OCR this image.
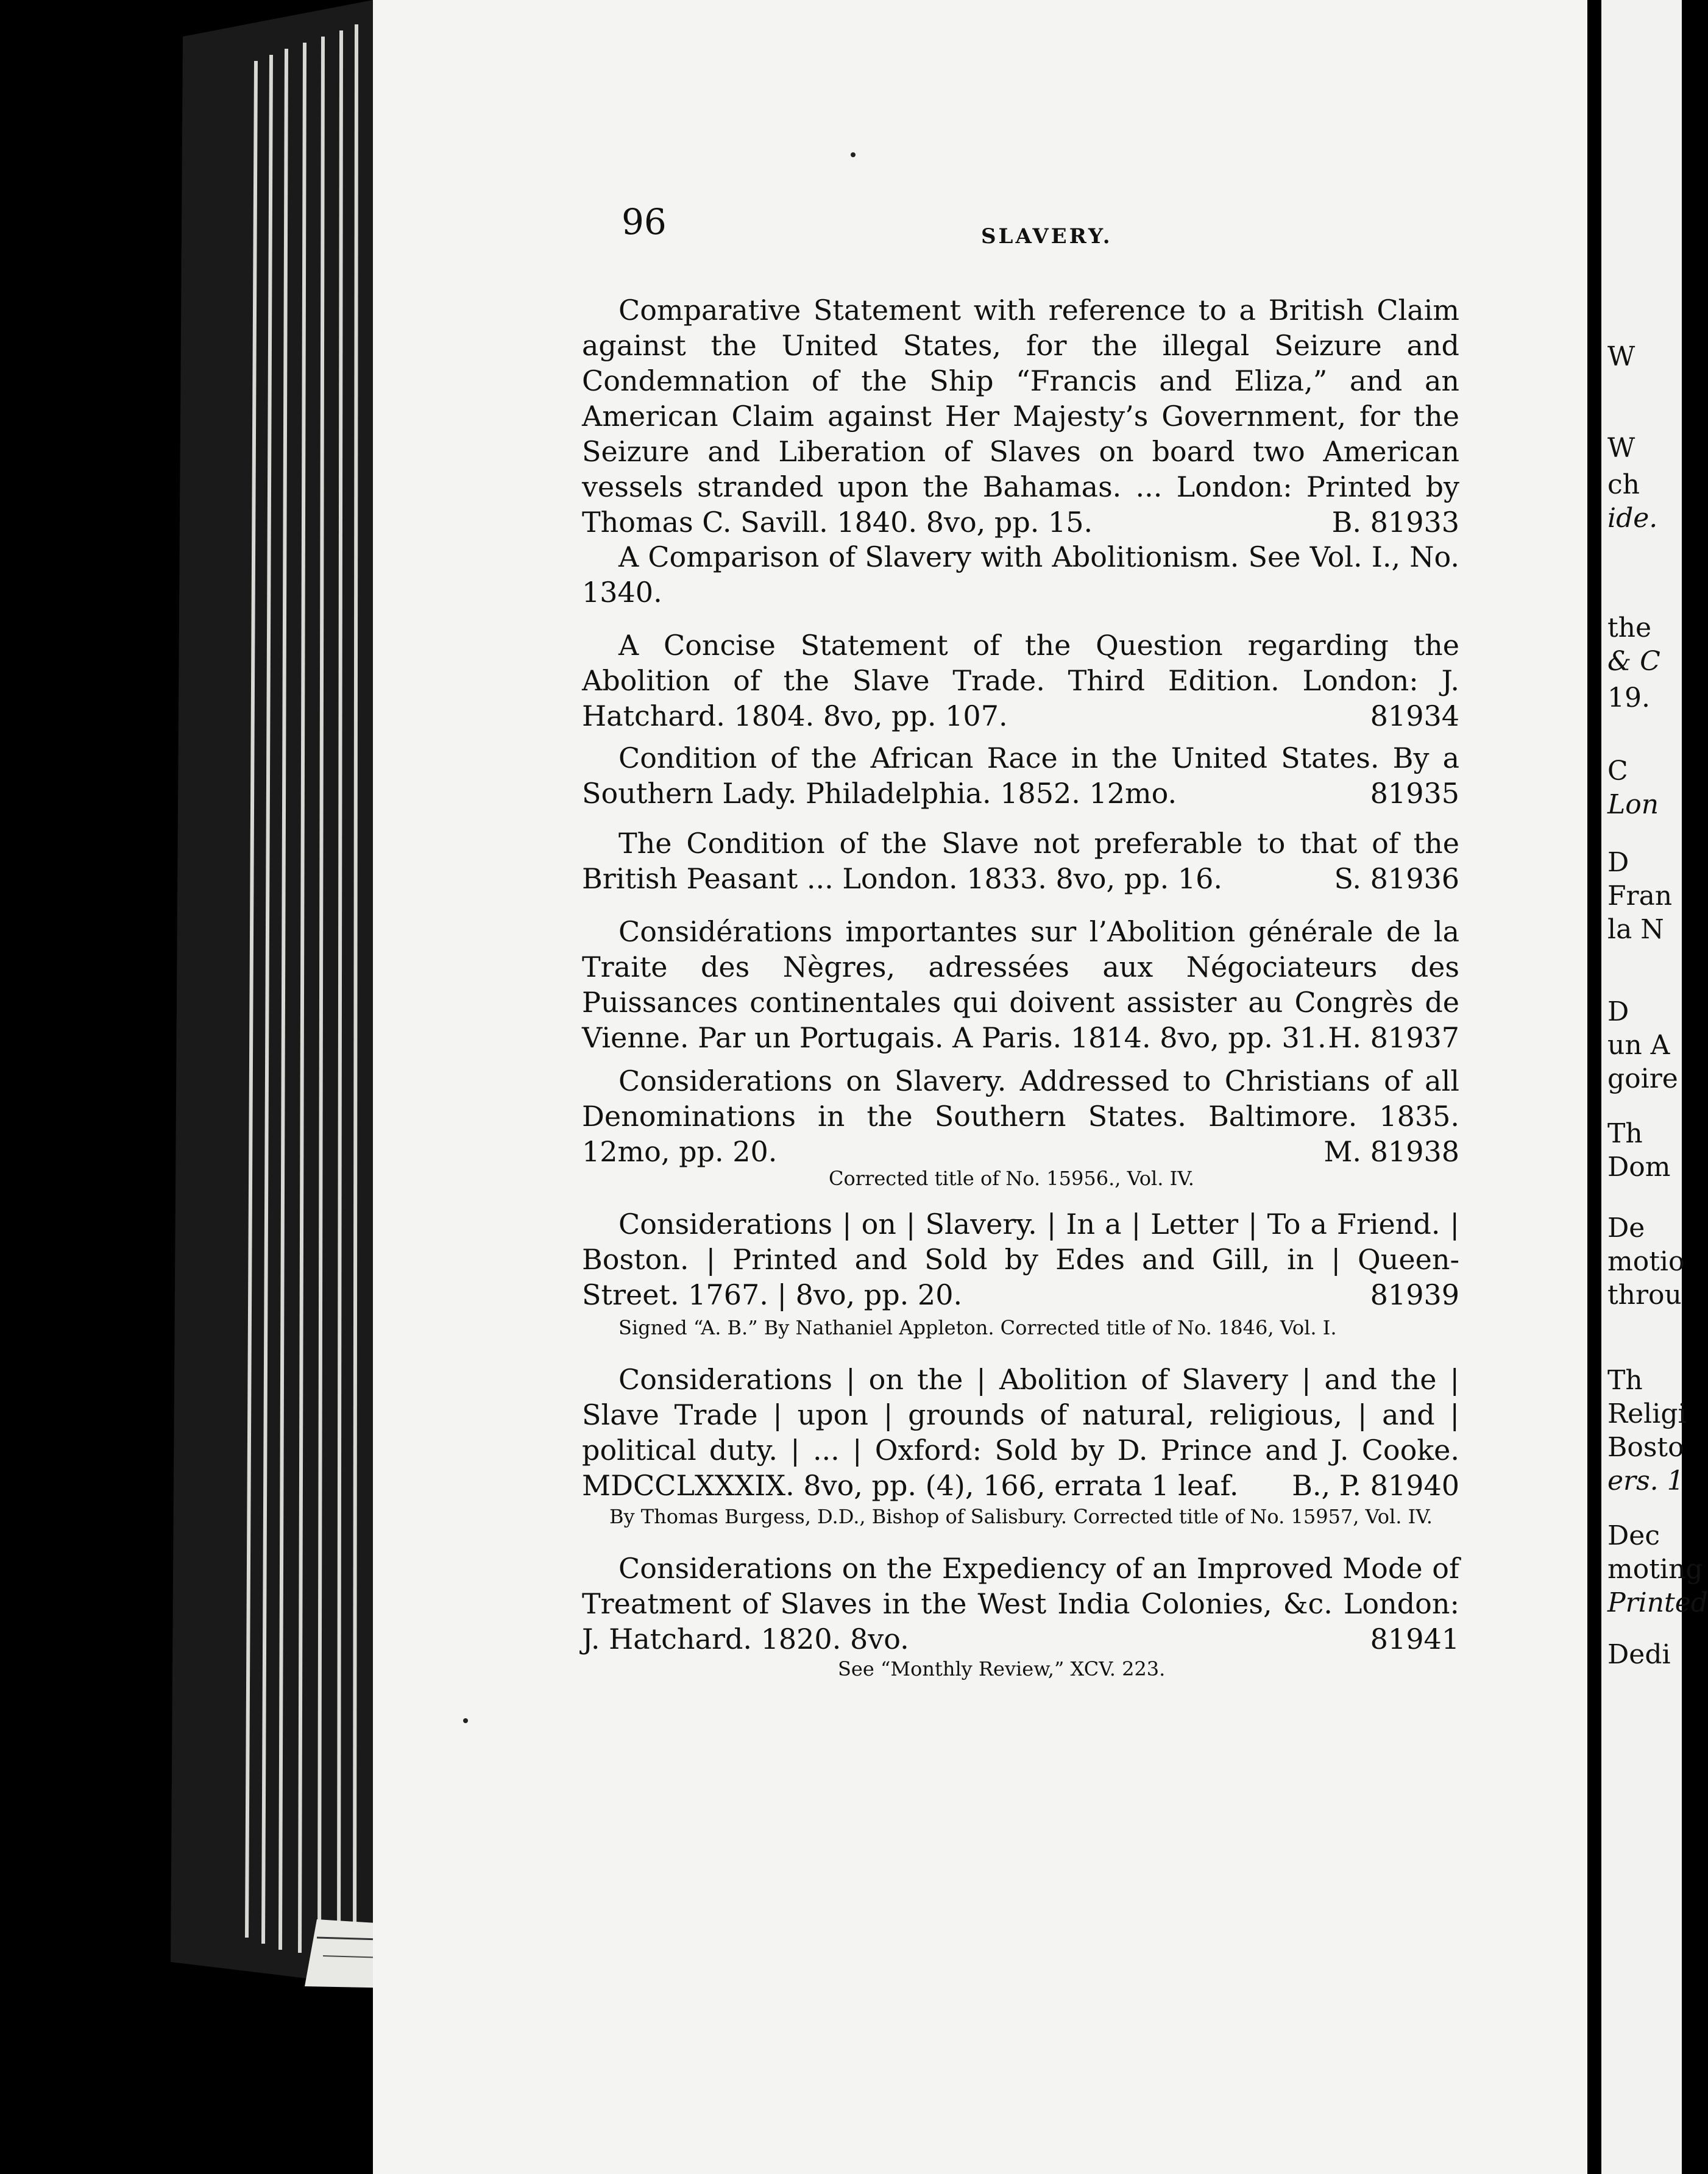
W
W
ch
ide.
the
& C
19.
C
Lon
D
Fran
la N
D
un A
goire
Th
Dom
De
motio
throu
Th
Religi
Bosto
ers. 1
Dec
moting
Printed
Dedi
96	SLAVERY.
Comparative Statement with reference to a British Claim against the United States, for the illegal Seizure and Condemnation of the Ship “Francis and Eliza,” and an American Claim against Her Majesty’s Government, for the Seizure and Liberation of Slaves on board two American vessels stranded upon the Bahamas. ... London: Printed by Thomas C. Savill. 1840. 8vo, pp. 15.	B. 81933
A Comparison of Slavery with Abolitionism. See Vol. I., No. 1340.
A Concise Statement of the Question regarding the Abolition of the Slave Trade. Third Edition. London: J. Hatchard. 1804. 8vo, pp. 107.	81934
Condition of the African Race in the United States. By a Southern Lady. Philadelphia. 1852. 12mo.	81935
The Condition of the Slave not preferable to that of the British Peasant ... London. 1833. 8vo, pp. 16.	S. 81936
Considérations importantes sur l’Abolition générale de la Traite des Nègres, adressées aux Négociateurs des Puissances continentales qui doivent assister au Congrès de Vienne. Par un Portugais. A Paris. 1814. 8vo, pp. 31. H. 81937
Considerations on Slavery. Addressed to Christians of all Denominations in the Southern States. Baltimore. 1835. 12mo, pp. 20.	M. 81938
Corrected title of No. 15956., Vol. IV.
Considerations | on | Slavery. | In a | Letter | To a Friend. | Boston. | Printed and Sold by Edes and Gill, in | Queen-Street. 1767. | 8vo, pp. 20.	81939
Signed “A. B.” By Nathaniel Appleton. Corrected title of No. 1846, Vol. I.
Considerations | on the | Abolition of Slavery | and the | Slave Trade | upon | grounds of natural, religious, | and | political duty. | ... | Oxford: Sold by D. Prince and J. Cooke. MDCCLXXXIX. 8vo, pp. (4), 166, errata 1 leaf. B., P. 81940
By Thomas Burgess, D.D., Bishop of Salisbury. Corrected title of No. 15957, Vol. IV.
Considerations on the Expediency of an Improved Mode of Treatment of Slaves in the West India Colonies, &c. London: J. Hatchard. 1820. 8vo.	81941
See “Monthly Review,” XCV. 223.
